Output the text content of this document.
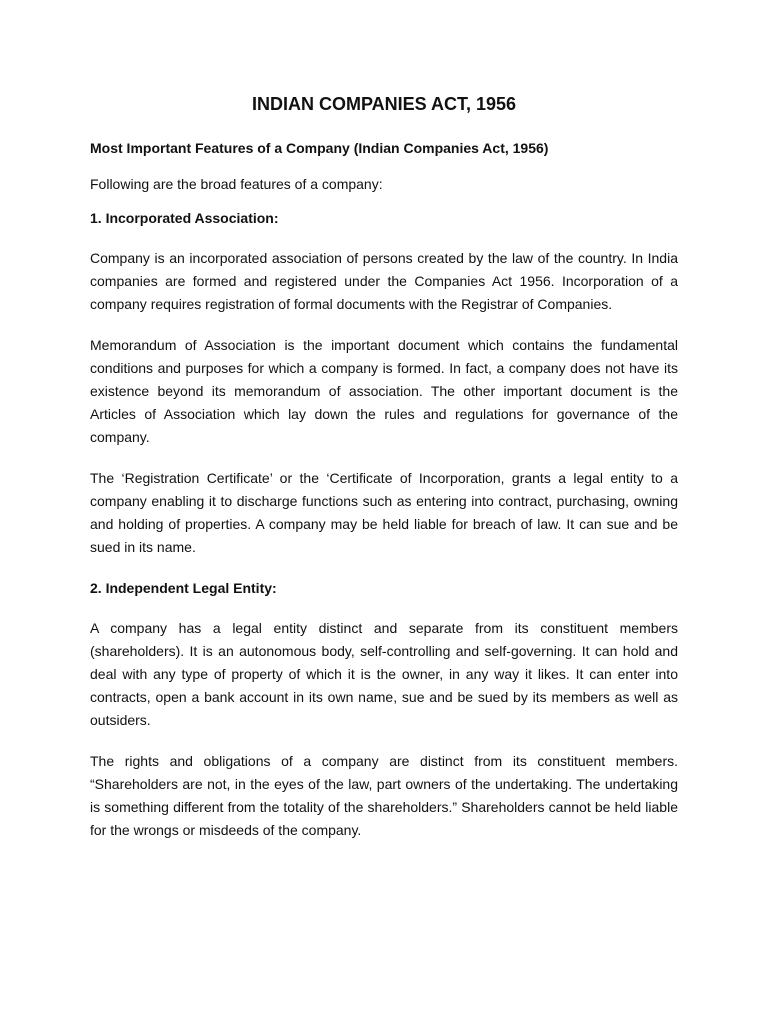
INDIAN COMPANIES ACT, 1956
Most Important Features of a Company (Indian Companies Act, 1956)
Following are the broad features of a company:
1. Incorporated Association:

Company is an incorporated association of persons created by the law of the country. In India companies are formed and registered under the Companies Act 1956. Incorporation of a company requires registration of formal documents with the Registrar of Companies.

Memorandum of Association is the important document which contains the fundamental conditions and purposes for which a company is formed. In fact, a company does not have its existence beyond its memorandum of association. The other important document is the Articles of Association which lay down the rules and regulations for governance of the company.

The ‘Registration Certificate’ or the ‘Certificate of Incorporation, grants a legal entity to a company enabling it to discharge functions such as entering into contract, purchasing, owning and holding of properties. A company may be held liable for breach of law. It can sue and be sued in its name.

2. Independent Legal Entity:

A company has a legal entity distinct and separate from its constituent members (shareholders). It is an autonomous body, self-controlling and self-governing. It can hold and deal with any type of property of which it is the owner, in any way it likes. It can enter into contracts, open a bank account in its own name, sue and be sued by its members as well as outsiders.

The rights and obligations of a company are distinct from its constituent members. “Shareholders are not, in the eyes of the law, part owners of the undertaking. The undertaking is something different from the totality of the shareholders.” Shareholders cannot be held liable for the wrongs or misdeeds of the company.
